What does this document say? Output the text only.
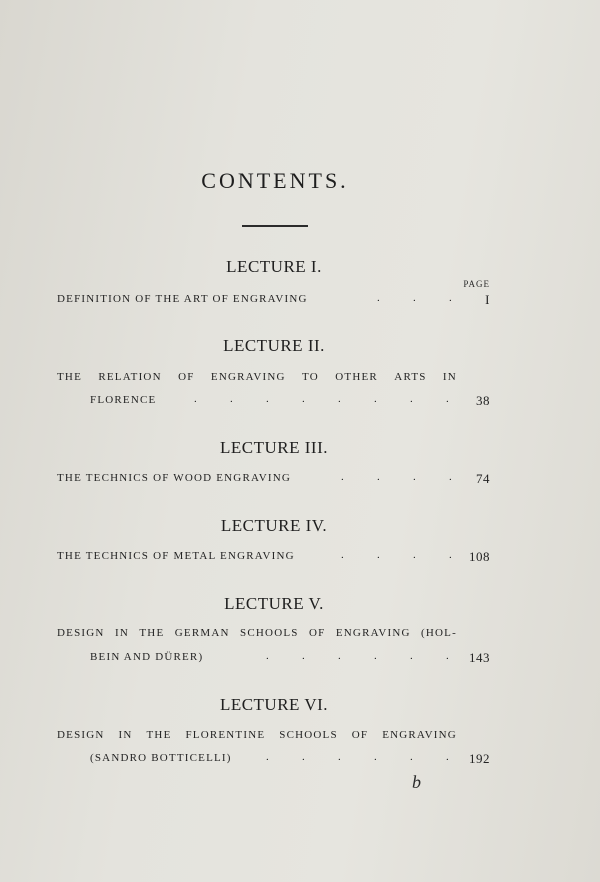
CONTENTS.
PAGE
LECTURE I.
DEFINITION OF THE ART OF ENGRAVING	.	.	.	I
LECTURE II.
THE RELATION OF ENGRAVING TO OTHER ARTS IN
FLORENCE	.	.	.	.	.	.	.	. 38
LECTURE III.
THE TECHNICS OF WOOD ENGRAVING	.	.	.	. 74
LECTURE IV.
THE TECHNICS OF METAL ENGRAVING	.	.	.	. 108
LECTURE V.
DESIGN IN THE GERMAN SCHOOLS OF ENGRAVING (HOL-
BEIN AND DÜRER)	.	.	.	.	.	. 143
LECTURE VI.
DESIGN IN THE FLORENTINE SCHOOLS OF ENGRAVING
(SANDRO BOTTICELLI)	.	.	.	.	.	. 192
b
